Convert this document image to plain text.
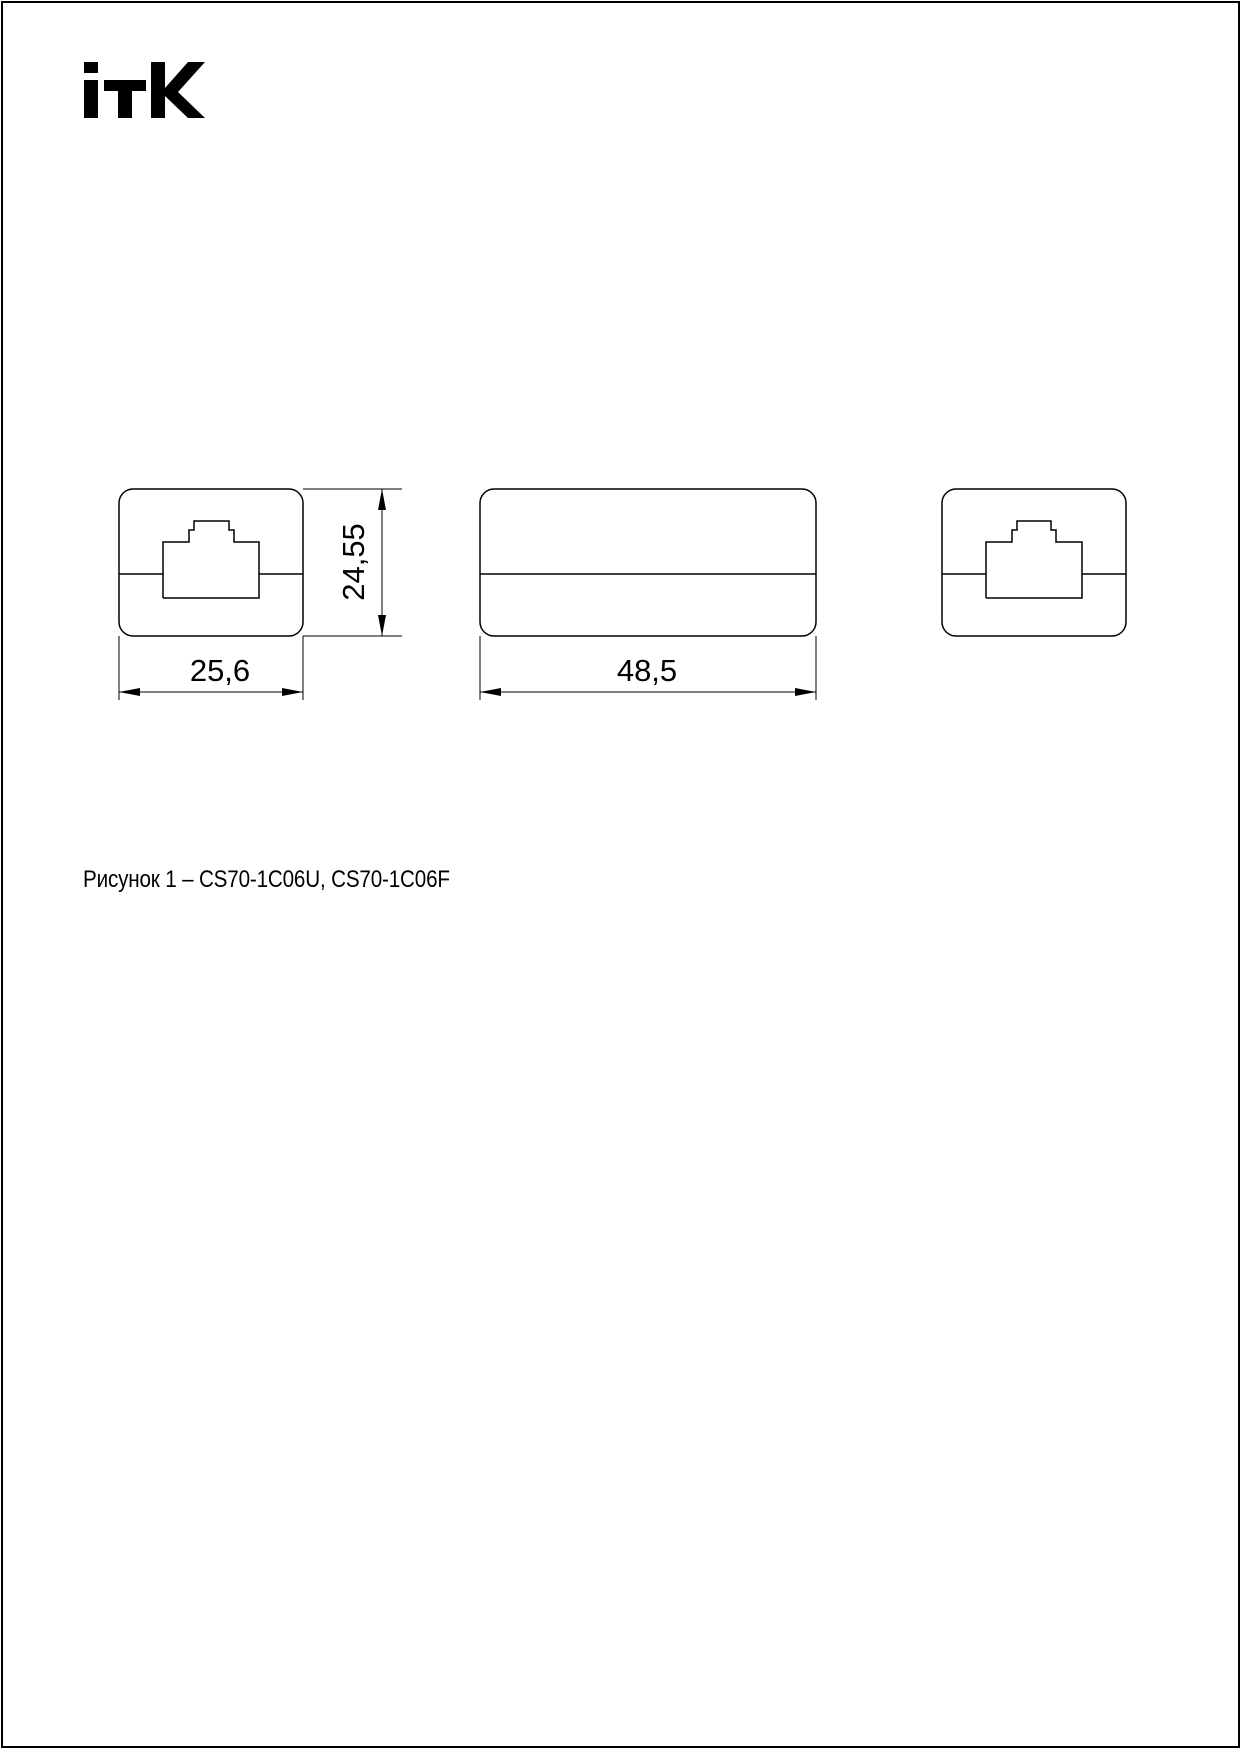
25,6
24,55
48,5
Рисунок 1 – CS70-1C06U, CS70-1C06F
